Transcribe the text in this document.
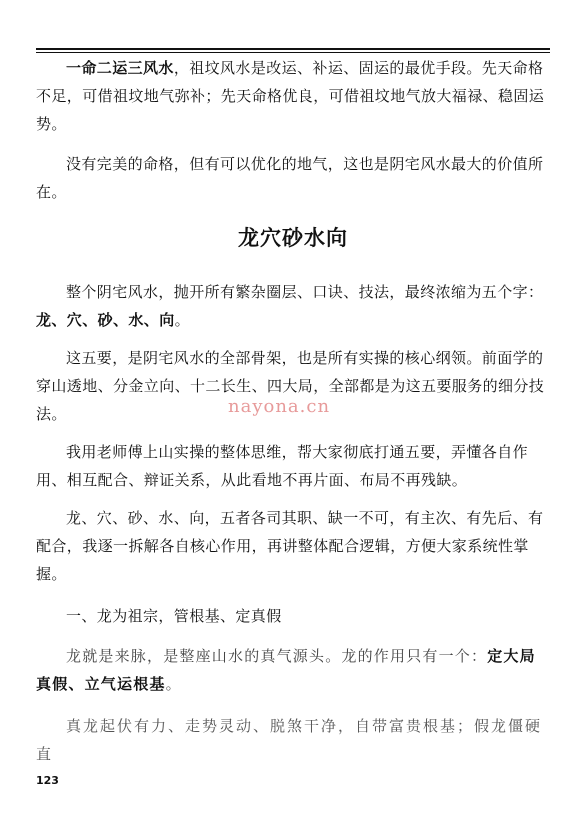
一命二运三风水，祖坟风水是改运、补运、固运的最优手段。先天命格不足，可借祖坟地气弥补；先天命格优良，可借祖坟地气放大福禄、稳固运势。

没有完美的命格，但有可以优化的地气，这也是阴宅风水最大的价值所在。

龙穴砂水向

整个阴宅风水，抛开所有繁杂圈层、口诀、技法，最终浓缩为五个字：龙、穴、砂、水、向。

这五要，是阴宅风水的全部骨架，也是所有实操的核心纲领。前面学的穿山透地、分金立向、十二长生、四大局，全部都是为这五要服务的细分技法。

我用老师傅上山实操的整体思维，帮大家彻底打通五要，弄懂各自作用、相互配合、辩证关系，从此看地不再片面、布局不再残缺。

龙、穴、砂、水、向，五者各司其职、缺一不可，有主次、有先后、有配合，我逐一拆解各自核心作用，再讲整体配合逻辑，方便大家系统性掌握。

一、龙为祖宗，管根基、定真假

龙就是来脉，是整座山水的真气源头。龙的作用只有一个：定大局真假、立气运根基。

真龙起伏有力、走势灵动、脱煞干净，自带富贵根基；假龙僵硬直

nayona.cn
123
